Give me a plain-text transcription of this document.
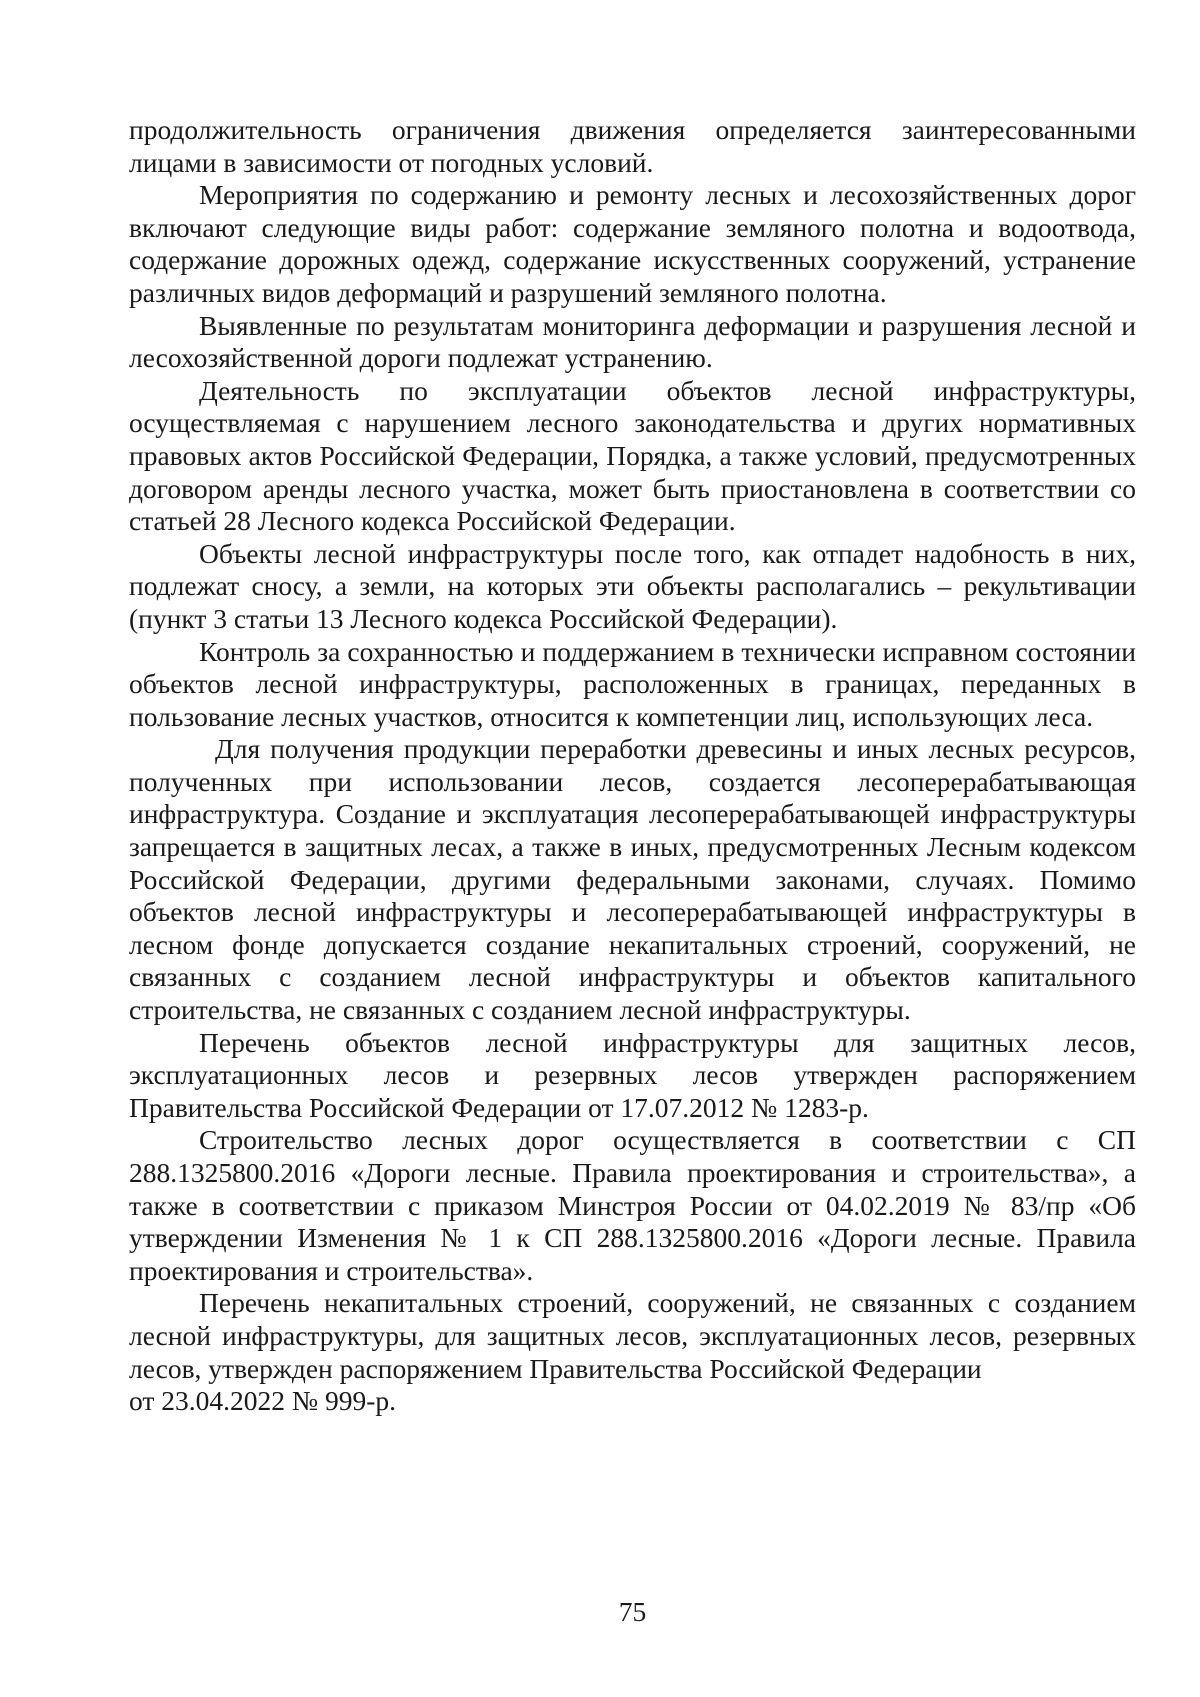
продолжительность ограничения движения определяется заинтересованными лицами в зависимости от погодных условий.

Мероприятия по содержанию и ремонту лесных и лесохозяйственных дорог включают следующие виды работ: содержание земляного полотна и водоотвода, содержание дорожных одежд, содержание искусственных сооружений, устранение различных видов деформаций и разрушений земляного полотна.

Выявленные по результатам мониторинга деформации и разрушения лесной и лесохозяйственной дороги подлежат устранению.

Деятельность по эксплуатации объектов лесной инфраструктуры, осуществляемая с нарушением лесного законодательства и других нормативных правовых актов Российской Федерации, Порядка, а также условий, предусмотренных договором аренды лесного участка, может быть приостановлена в соответствии со статьей 28 Лесного кодекса Российской Федерации.

Объекты лесной инфраструктуры после того, как отпадет надобность в них, подлежат сносу, а земли, на которых эти объекты располагались – рекультивации (пункт 3 статьи 13 Лесного кодекса Российской Федерации).

Контроль за сохранностью и поддержанием в технически исправном состоянии объектов лесной инфраструктуры, расположенных в границах, переданных в пользование лесных участков, относится к компетенции лиц, использующих леса.

Для получения продукции переработки древесины и иных лесных ресурсов, полученных при использовании лесов, создается лесоперерабатывающая инфраструктура. Создание и эксплуатация лесоперерабатывающей инфраструктуры запрещается в защитных лесах, а также в иных, предусмотренных Лесным кодексом Российской Федерации, другими федеральными законами, случаях. Помимо объектов лесной инфраструктуры и лесоперерабатывающей инфраструктуры в лесном фонде допускается создание некапитальных строений, сооружений, не связанных с созданием лесной инфраструктуры и объектов капитального строительства, не связанных с созданием лесной инфраструктуры.

Перечень объектов лесной инфраструктуры для защитных лесов, эксплуатационных лесов и резервных лесов утвержден распоряжением Правительства Российской Федерации от 17.07.2012 № 1283-р.

Строительство лесных дорог осуществляется в соответствии с СП 288.1325800.2016 «Дороги лесные. Правила проектирования и строительства», а также в соответствии с приказом Минстроя России от 04.02.2019 № 83/пр «Об утверждении Изменения № 1 к СП 288.1325800.2016 «Дороги лесные. Правила проектирования и строительства».

Перечень некапитальных строений, сооружений, не связанных с созданием лесной инфраструктуры, для защитных лесов, эксплуатационных лесов, резервных лесов, утвержден распоряжением Правительства Российской Федерации

от 23.04.2022 № 999-р.

75
